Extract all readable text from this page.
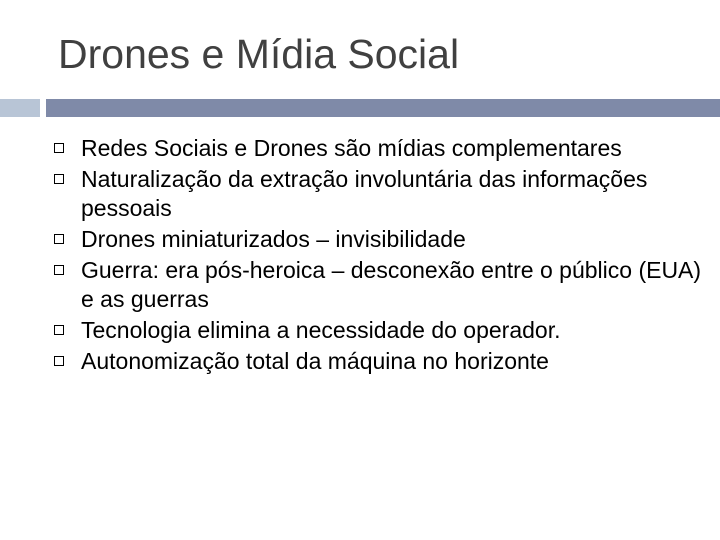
Drones e Mídia Social
Redes Sociais e Drones são mídias complementares
Naturalização da extração involuntária das informações pessoais
Drones miniaturizados – invisibilidade
Guerra: era pós-heroica – desconexão entre o público (EUA) e as guerras
Tecnologia elimina a necessidade do operador.
Autonomização total da máquina no horizonte
